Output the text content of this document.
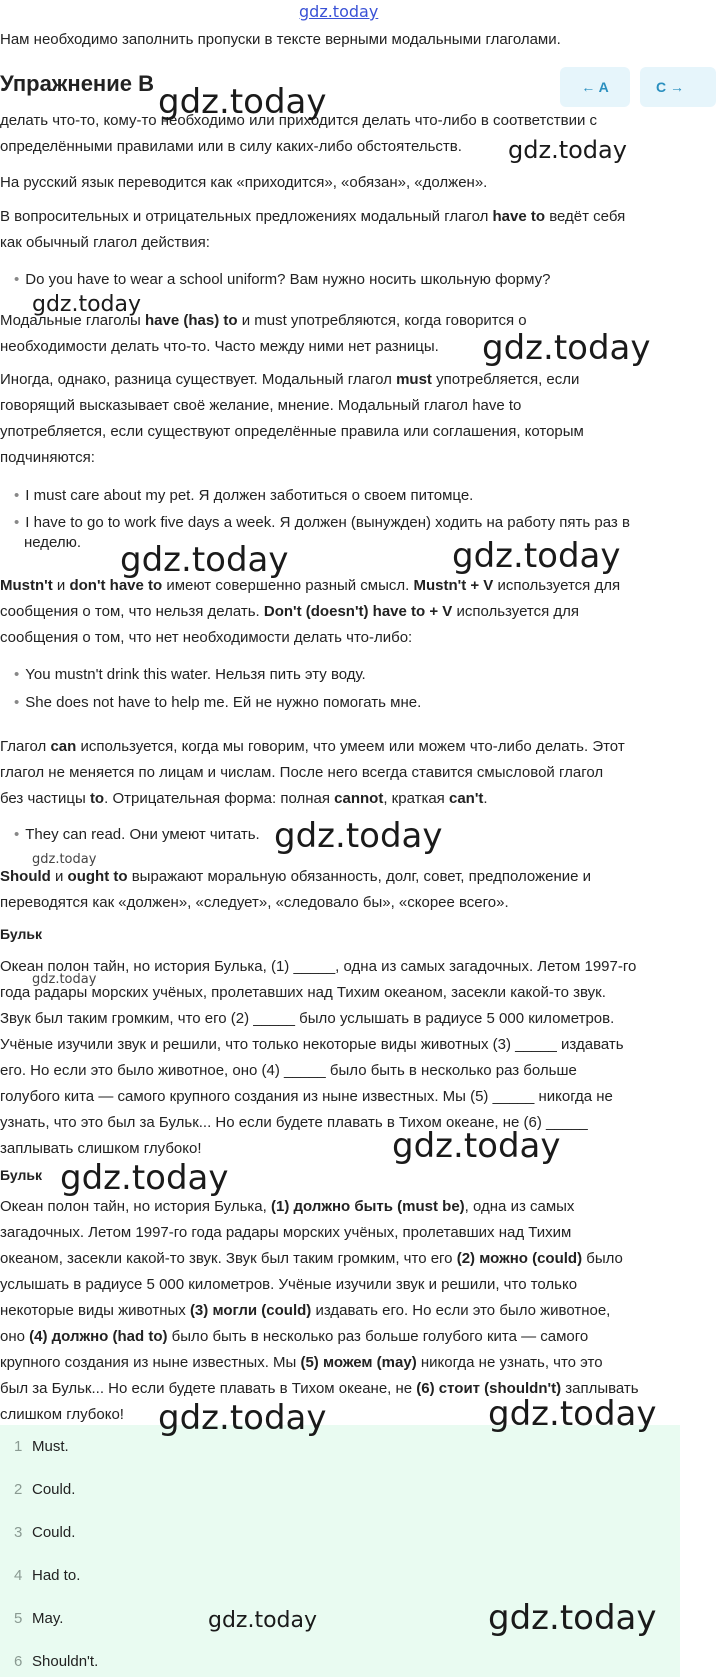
gdz.today

Нам необходимо заполнить пропуски в тексте верными модальными глаголами.

делать что-то, кому-то необходимо или приходится делать что-либо в соответствии с

определёнными правилами или в силу каких-либо обстоятельств.

Упражнение B	← A	C →

На русский язык переводится как «приходится», «обязан», «должен».

В вопросительных и отрицательных предложениях модальный глагол have to ведёт себя

как обычный глагол действия:

• Do you have to wear a school uniform? Вам нужно носить школьную форму?

Модальные глаголы have (has) to и must употребляются, когда говорится о

необходимости делать что-то. Часто между ними нет разницы.

Иногда, однако, разница существует. Модальный глагол must употребляется, если

говорящий высказывает своё желание, мнение. Модальный глагол have to

употребляется, если существуют определённые правила или соглашения, которым

подчиняются:

• I must care about my pet. Я должен заботиться о своем питомце.

• I have to go to work five days a week. Я должен (вынужден) ходить на работу пять раз в

неделю.

Mustn't и don't have to имеют совершенно разный смысл. Mustn't + V используется для

сообщения о том, что нельзя делать. Don't (doesn't) have to + V используется для

сообщения о том, что нет необходимости делать что-либо:

• You mustn't drink this water. Нельзя пить эту воду.

• She does not have to help me. Ей не нужно помогать мне.

Глагол can используется, когда мы говорим, что умеем или можем что-либо делать. Этот

глагол не меняется по лицам и числам. После него всегда ставится смысловой глагол

без частицы to. Отрицательная форма: полная cannot, краткая can't.

• They can read. Они умеют читать.

Should и ought to выражают моральную обязанность, долг, совет, предположение и

переводятся как «должен», «следует», «следовало бы», «скорее всего».

Бульк

Океан полон тайн, но история Булька, (1) _____, одна из самых загадочных. Летом 1997-го

года радары морских учёных, пролетавших над Тихим океаном, засекли какой-то звук.

Звук был таким громким, что его (2) _____ было услышать в радиусе 5 000 километров.

Учёные изучили звук и решили, что только некоторые виды животных (3) _____ издавать

его. Но если это было животное, оно (4) _____ было быть в несколько раз больше

голубого кита — самого крупного создания из ныне известных. Мы (5) _____ никогда не

узнать, что это был за Бульк... Но если будете плавать в Тихом океане, не (6) _____

заплывать слишком глубоко!

Бульк

Океан полон тайн, но история Булька, (1) должно быть (must be), одна из самых

загадочных. Летом 1997-го года радары морских учёных, пролетавших над Тихим

океаном, засекли какой-то звук. Звук был таким громким, что его (2) можно (could) было

услышать в радиусе 5 000 километров. Учёные изучили звук и решили, что только

некоторые виды животных (3) могли (could) издавать его. Но если это было животное,

оно (4) должно (had to) было быть в несколько раз больше голубого кита — самого

крупного создания из ныне известных. Мы (5) можем (may) никогда не узнать, что это

был за Бульк... Но если будете плавать в Тихом океане, не (6) стоит (shouldn't) заплывать

слишком глубоко!

1 Must.
2 Could.
3 Could.
4 Had to.
5 May.
6 Shouldn't.
gdz.today
gdz.today
gdz.today
gdz.today
gdz.today	gdz.today
gdz.today
gdz.today
gdz.today
gdz.today
gdz.today
gdz.today	gdz.today
gdz.today	gdz.today
